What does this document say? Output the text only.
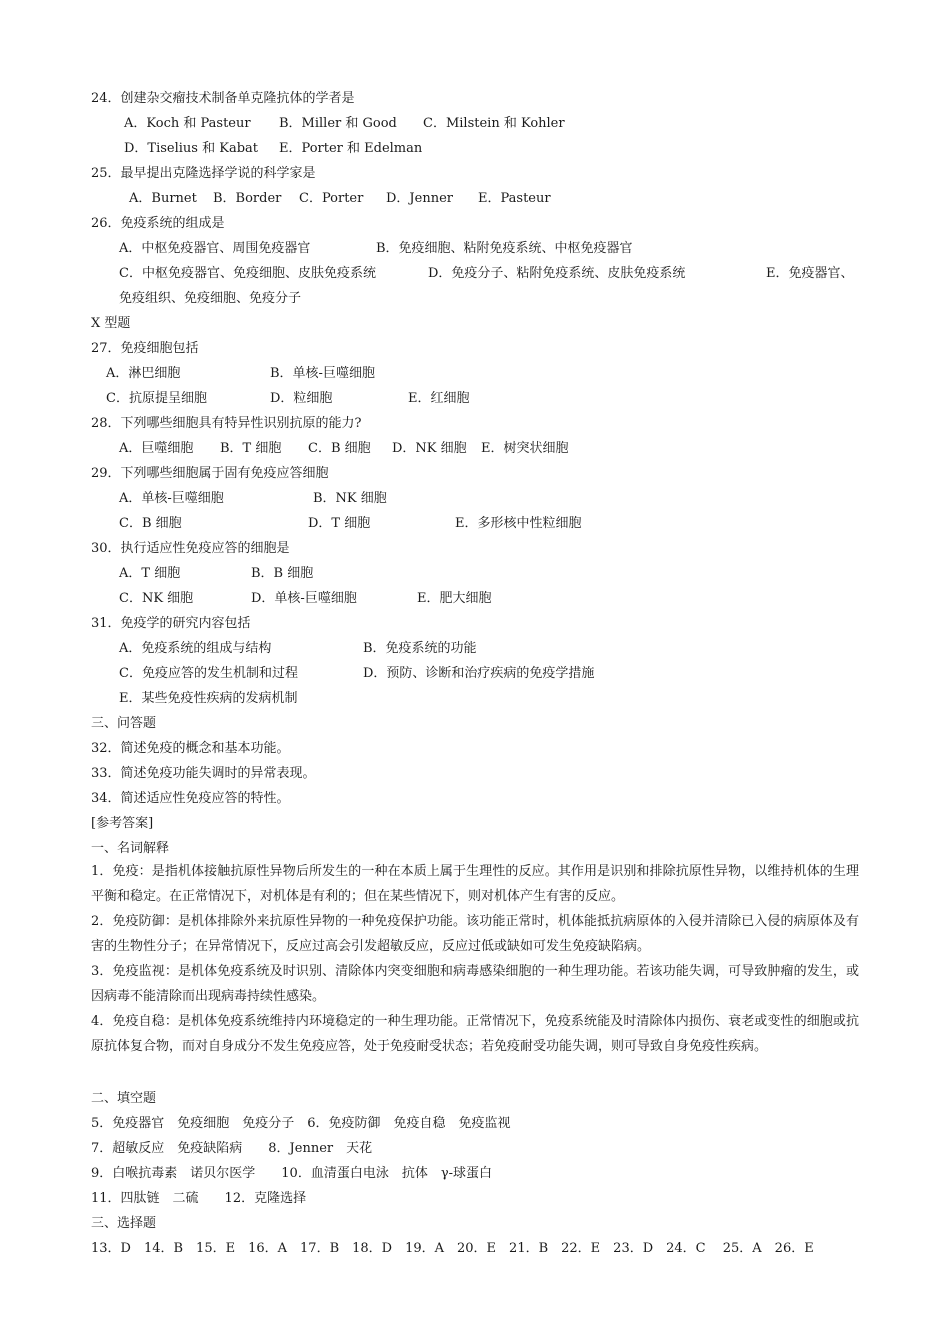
24．创建杂交瘤技术制备单克隆抗体的学者是
A．Koch 和 Pasteur B．Miller 和 Good C．Milstein 和 Kohler
D．Tiselius 和 Kabat E．Porter 和 Edelman
25．最早提出克隆选择学说的科学家是
A．Burnet B．Border C．Porter D．Jenner E．Pasteur
26．免疫系统的组成是
A．中枢免疫器官、周围免疫器官	B．免疫细胞、粘附免疫系统、中枢免疫器官
C．中枢免疫器官、免疫细胞、皮肤免疫系统	D．免疫分子、粘附免疫系统、皮肤免疫系统	E．免疫器官、
免疫组织、免疫细胞、免疫分子
X 型题
27．免疫细胞包括
A．淋巴细胞	B．单核-巨噬细胞
C．抗原提呈细胞	D．粒细胞	E．红细胞
28．下列哪些细胞具有特异性识别抗原的能力?
A．巨噬细胞 B．T 细胞 C．B 细胞 D．NK 细胞 E．树突状细胞
29．下列哪些细胞属于固有免疫应答细胞
A．单核-巨噬细胞	B．NK 细胞
C．B 细胞	D．T 细胞	E．多形核中性粒细胞
30．执行适应性免疫应答的细胞是
A．T 细胞	B．B 细胞
C．NK 细胞	D．单核-巨噬细胞	E．肥大细胞
31．免疫学的研究内容包括
A．免疫系统的组成与结构	B．免疫系统的功能
C．免疫应答的发生机制和过程	D．预防、诊断和治疗疾病的免疫学措施
E．某些免疫性疾病的发病机制
三、问答题
32．简述免疫的概念和基本功能。
33．简述免疫功能失调时的异常表现。
34．简述适应性免疫应答的特性。
[参考答案]
一、名词解释
1．免疫：是指机体接触抗原性异物后所发生的一种在本质上属于生理性的反应。其作用是识别和排除抗原性异物，以维持机体的生理平衡和稳定。在正常情况下，对机体是有利的；但在某些情况下，则对机体产生有害的反应。
2．免疫防御：是机体排除外来抗原性异物的一种免疫保护功能。该功能正常时，机体能抵抗病原体的入侵并清除已入侵的病原体及有害的生物性分子；在异常情况下，反应过高会引发超敏反应，反应过低或缺如可发生免疫缺陷病。
3．免疫监视：是机体免疫系统及时识别、清除体内突变细胞和病毒感染细胞的一种生理功能。若该功能失调，可导致肿瘤的发生，或因病毒不能清除而出现病毒持续性感染。
4．免疫自稳：是机体免疫系统维持内环境稳定的一种生理功能。正常情况下，免疫系统能及时清除体内损伤、衰老或变性的细胞或抗原抗体复合物，而对自身成分不发生免疫应答，处于免疫耐受状态；若免疫耐受功能失调，则可导致自身免疫性疾病。
二、填空题
5．免疫器官　免疫细胞　免疫分子　6．免疫防御　免疫自稳　免疫监视
7．超敏反应　免疫缺陷病　　8．Jenner　天花
9．白喉抗毒素　诺贝尔医学　　10．血清蛋白电泳　抗体　γ-球蛋白
11．四肽链　二硫　　12．克隆选择
三、选择题
13．D　14．B　15．E　16．A　17．B　18．D　19．A　20．E　21．B　22．E　23．D　24．C　 25．A　26．E
